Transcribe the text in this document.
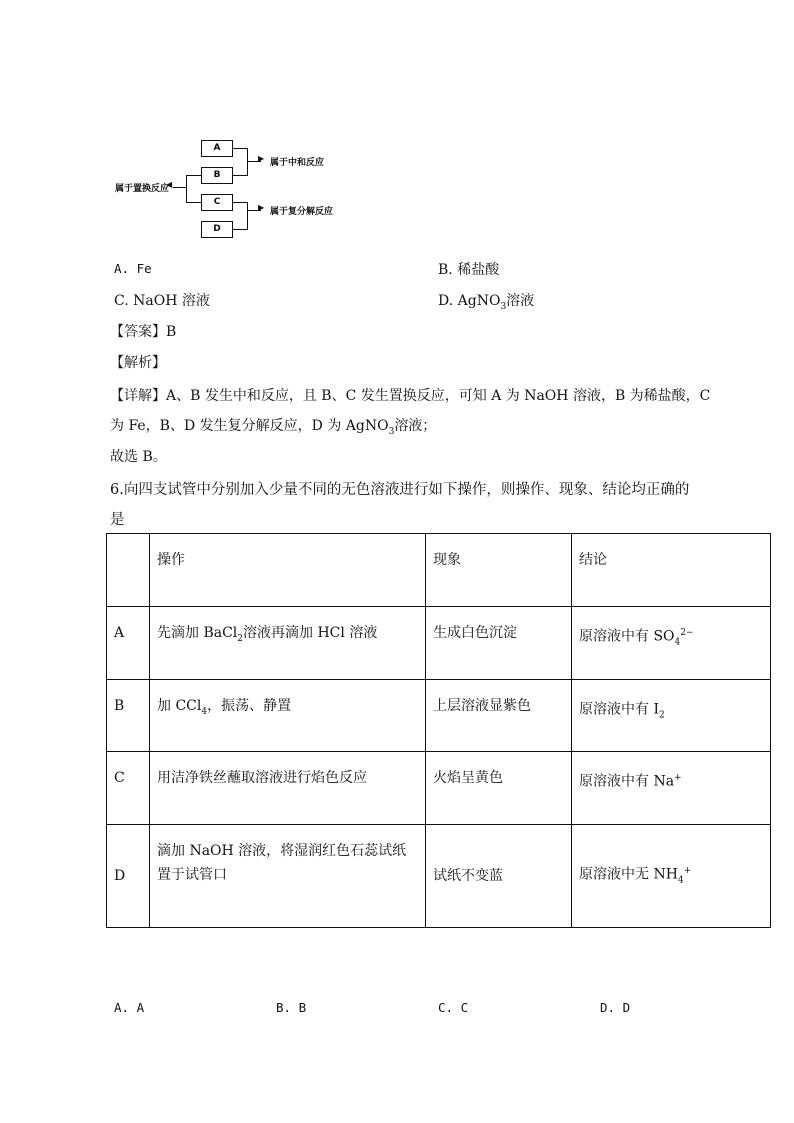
A
B
C
D
▶ 属于中和反应
▶ 属于复分解反应
◀
属于置换反应
A. Fe	B. 稀盐酸
C. NaOH 溶液	D. AgNO$_3$溶液
【答案】B
【解析】
【详解】A、B 发生中和反应，且 B、C 发生置换反应，可知 A 为 NaOH 溶液，B 为稀盐酸，C
为 Fe，B、D 发生复分解反应，D 为 AgNO$_3$溶液；
故选 B。
6.向四支试管中分别加入少量不同的无色溶液进行如下操作，则操作、现象、结论均正确的
是
	操作	现象	结论
A	先滴加 BaCl$_2$溶液再滴加 HCl 溶液	生成白色沉淀	原溶液中有 $SO_4^{2-}$
B	加 CCl$_4$，振荡、静置	上层溶液显紫色	原溶液中有 $I_2$
C	用洁净铁丝蘸取溶液进行焰色反应	火焰呈黄色	原溶液中有 Na+
D	滴加 NaOH 溶液，将湿润红色石蕊试纸置于试管口	试纸不变蓝	原溶液中无 $NH_4^+$
A. A	B. B	C. C	D. D
